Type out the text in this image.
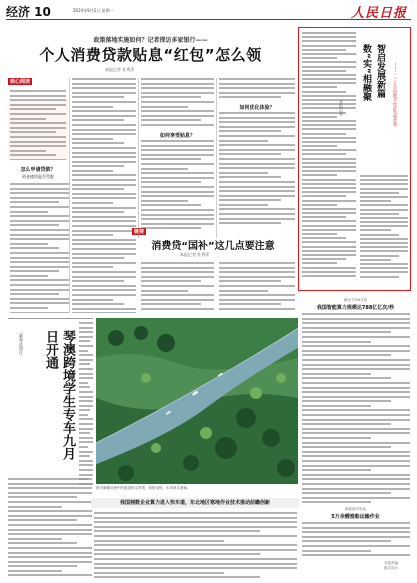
经济 10	2024年9月2日 星期一	人民日报
政策落地实施如何？记者探访多家银行——
个人消费贷款贴息“红包”怎么领
本报记者 杜秀萍
核心阅读
怎么申请贷款？
资金使用是否受限
如何享受贴息？
如何优化体验？
链接
消费贷“国补”这几点要注意
本报记者 杜秀萍
数“实”相融聚 智启发展新篇	——一二三五中国数字经济发展改观
本报记者
截至今年6月底
我国智能算力规模达788亿亿次/秒
新能源车电池
5万余艘渔船运输作业
本版责编：
版式设计：
（新华社图片）	琴澳跨境学生专车九月 日开通
图为俯瞰处理中的航道码头景观，游船穿梭，水岸林木葱郁。
我国拥数企业算力进入快车道，东北地区寒地作业技术推动前瞻创新
